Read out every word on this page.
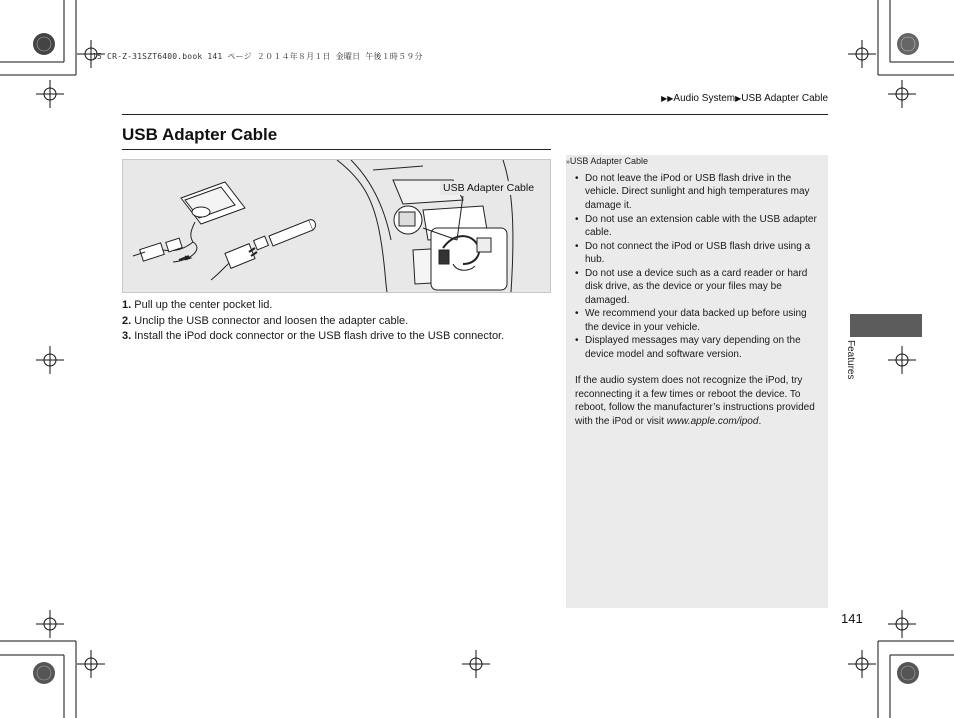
15 CR-Z-31SZT6400.book 141 ページ ２０１４年８月１日 金曜日 午後１時５９分
▶▶Audio System▶USB Adapter Cable
USB Adapter Cable
USB Adapter Cable

1. Pull up the center pocket lid.

2. Unclip the USB connector and loosen the adapter cable.

3. Install the iPod dock connector or the USB flash drive to the USB connector.

»USB Adapter Cable

• Do not leave the iPod or USB flash drive in the vehicle. Direct sunlight and high temperatures may damage it.

• Do not use an extension cable with the USB adapter cable.

• Do not connect the iPod or USB flash drive using a hub.

• Do not use a device such as a card reader or hard disk drive, as the device or your files may be damaged.

• We recommend your data backed up before using the device in your vehicle.

• Displayed messages may vary depending on the device model and software version.

If the audio system does not recognize the iPod, try reconnecting it a few times or reboot the device. To reboot, follow the manufacturer’s instructions provided with the iPod or visit www.apple.com/ipod.

Features
141
